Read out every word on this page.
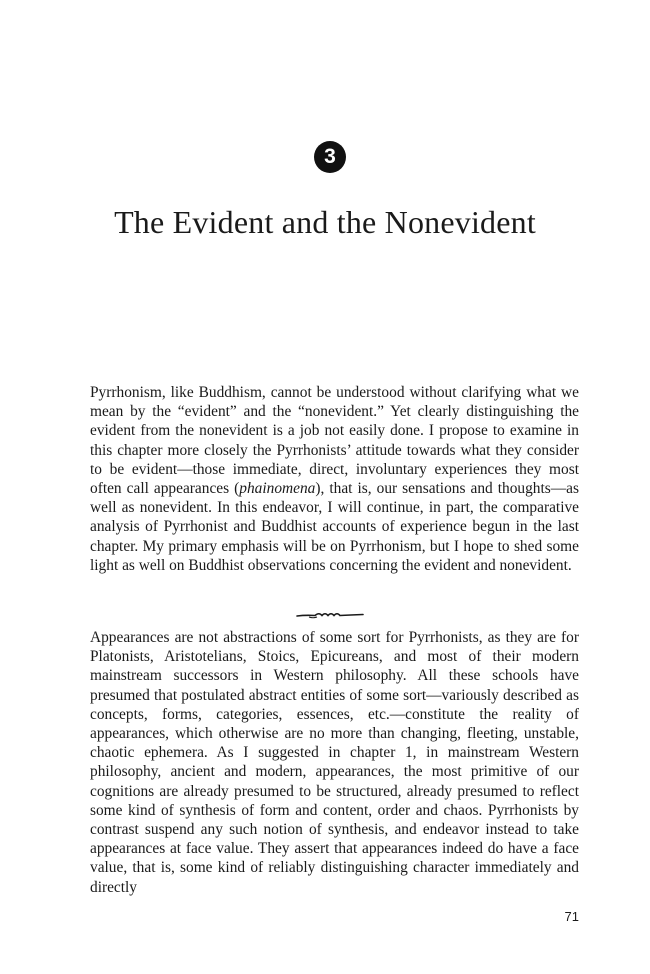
3
The Evident and the Nonevident

Pyrrhonism, like Buddhism, cannot be understood without clarifying what we mean by the “evident” and the “nonevident.” Yet clearly distinguishing the evident from the nonevident is a job not easily done. I propose to examine in this chapter more closely the Pyrrhonists’ attitude towards what they consider to be evident—those immediate, direct, involuntary experiences they most often call appearances (phainomena), that is, our sensations and thoughts—as well as nonevident. In this endeavor, I will continue, in part, the comparative analysis of Pyrrhonist and Buddhist accounts of experience begun in the last chapter. My primary emphasis will be on Pyrrhonism, but I hope to shed some light as well on Buddhist observations concerning the evident and nonevident.

Appearances are not abstractions of some sort for Pyrrhonists, as they are for Platonists, Aristotelians, Stoics, Epicureans, and most of their modern mainstream successors in Western philosophy. All these schools have presumed that postulated abstract entities of some sort—variously described as concepts, forms, categories, essences, etc.—constitute the reality of appearances, which otherwise are no more than changing, fleeting, unstable, chaotic ephemera. As I suggested in chapter 1, in mainstream Western philosophy, ancient and modern, appearances, the most primitive of our cognitions are already presumed to be structured, already presumed to reflect some kind of synthesis of form and content, order and chaos. Pyrrhonists by contrast suspend any such notion of synthesis, and endeavor instead to take appearances at face value. They assert that appearances indeed do have a face value, that is, some kind of reliably distinguishing character immediately and directly

71
